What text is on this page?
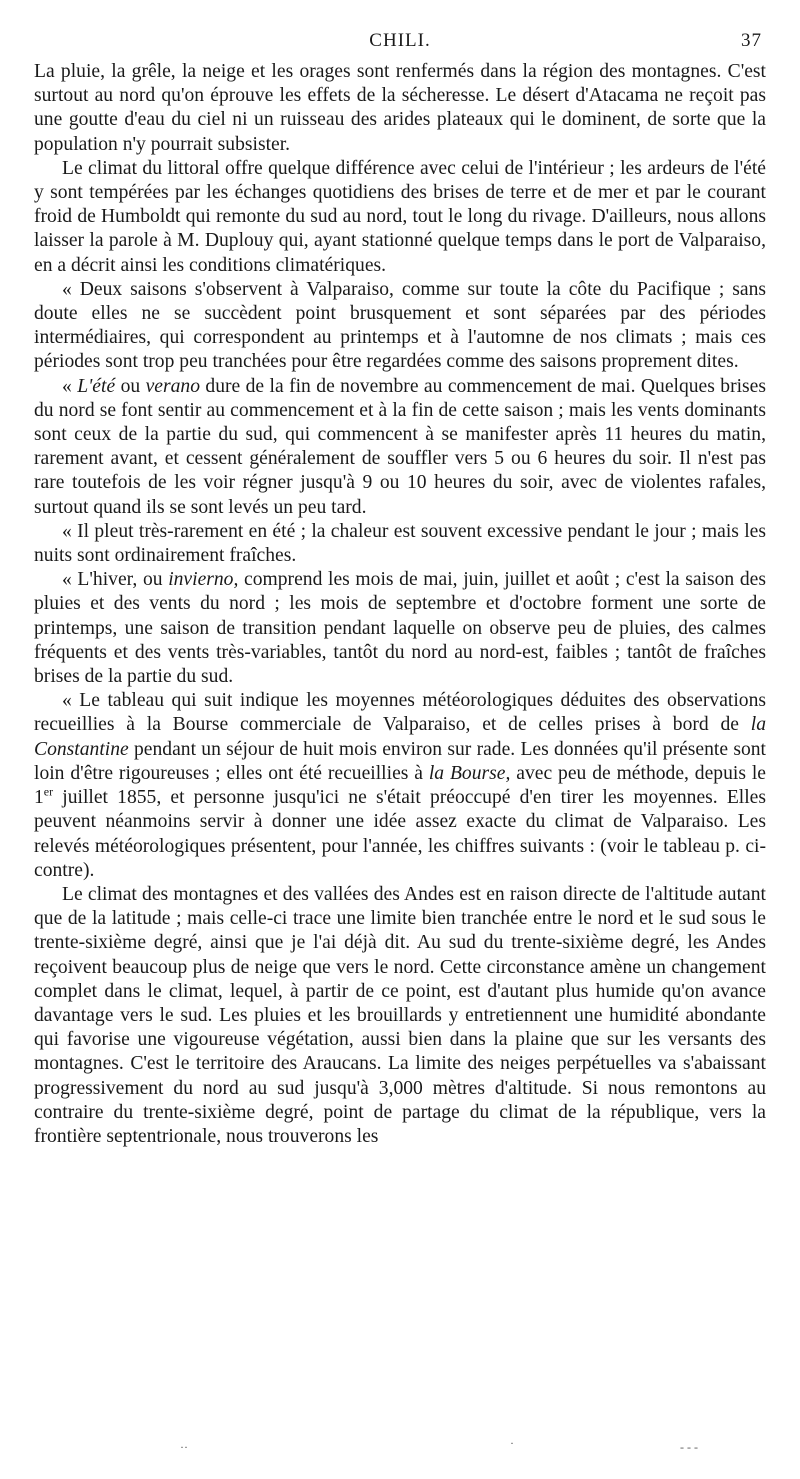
CHILI.	37

La pluie, la grêle, la neige et les orages sont renfermés dans la région des montagnes. C'est surtout au nord qu'on éprouve les effets de la sécheresse. Le désert d'Atacama ne reçoit pas une goutte d'eau du ciel ni un ruisseau des arides plateaux qui le dominent, de sorte que la population n'y pourrait subsister.

Le climat du littoral offre quelque différence avec celui de l'intérieur ; les ardeurs de l'été y sont tempérées par les échanges quotidiens des brises de terre et de mer et par le courant froid de Humboldt qui remonte du sud au nord, tout le long du rivage. D'ailleurs, nous allons laisser la parole à M. Duplouy qui, ayant stationné quelque temps dans le port de Valparaiso, en a décrit ainsi les conditions climatériques.

« Deux saisons s'observent à Valparaiso, comme sur toute la côte du Pacifique ; sans doute elles ne se succèdent point brusquement et sont séparées par des périodes intermédiaires, qui correspondent au printemps et à l'automne de nos climats ; mais ces périodes sont trop peu tranchées pour être regardées comme des saisons proprement dites.

« L'été ou verano dure de la fin de novembre au commencement de mai. Quelques brises du nord se font sentir au commencement et à la fin de cette saison ; mais les vents dominants sont ceux de la partie du sud, qui commencent à se manifester après 11 heures du matin, rarement avant, et cessent généralement de souffler vers 5 ou 6 heures du soir. Il n'est pas rare toutefois de les voir régner jusqu'à 9 ou 10 heures du soir, avec de violentes rafales, surtout quand ils se sont levés un peu tard.

« Il pleut très-rarement en été ; la chaleur est souvent excessive pendant le jour ; mais les nuits sont ordinairement fraîches.

« L'hiver, ou invierno, comprend les mois de mai, juin, juillet et août ; c'est la saison des pluies et des vents du nord ; les mois de septembre et d'octobre forment une sorte de printemps, une saison de transition pendant laquelle on observe peu de pluies, des calmes fréquents et des vents très-variables, tantôt du nord au nord-est, faibles ; tantôt de fraîches brises de la partie du sud.

« Le tableau qui suit indique les moyennes météorologiques déduites des observations recueillies à la Bourse commerciale de Valparaiso, et de celles prises à bord de la Constantine pendant un séjour de huit mois environ sur rade. Les données qu'il présente sont loin d'être rigoureuses ; elles ont été recueillies à la Bourse, avec peu de méthode, depuis le 1er juillet 1855, et personne jusqu'ici ne s'était préoccupé d'en tirer les moyennes. Elles peuvent néanmoins servir à donner une idée assez exacte du climat de Valparaiso. Les relevés météorologiques présentent, pour l'année, les chiffres suivants : (voir le tableau p. ci-contre).

Le climat des montagnes et des vallées des Andes est en raison directe de l'altitude autant que de la latitude ; mais celle-ci trace une limite bien tranchée entre le nord et le sud sous le trente-sixième degré, ainsi que je l'ai déjà dit. Au sud du trente-sixième degré, les Andes reçoivent beaucoup plus de neige que vers le nord. Cette circonstance amène un changement complet dans le climat, lequel, à partir de ce point, est d'autant plus humide qu'on avance davantage vers le sud. Les pluies et les brouillards y entretiennent une humidité abondante qui favorise une vigoureuse végétation, aussi bien dans la plaine que sur les versants des montagnes. C'est le territoire des Araucans. La limite des neiges perpétuelles va s'abaissant progressivement du nord au sud jusqu'à 3,000 mètres d'altitude. Si nous remontons au contraire du trente-sixième degré, point de partage du climat de la république, vers la frontière septentrionale, nous trouverons les

··	·	‐ ‐ ‐
